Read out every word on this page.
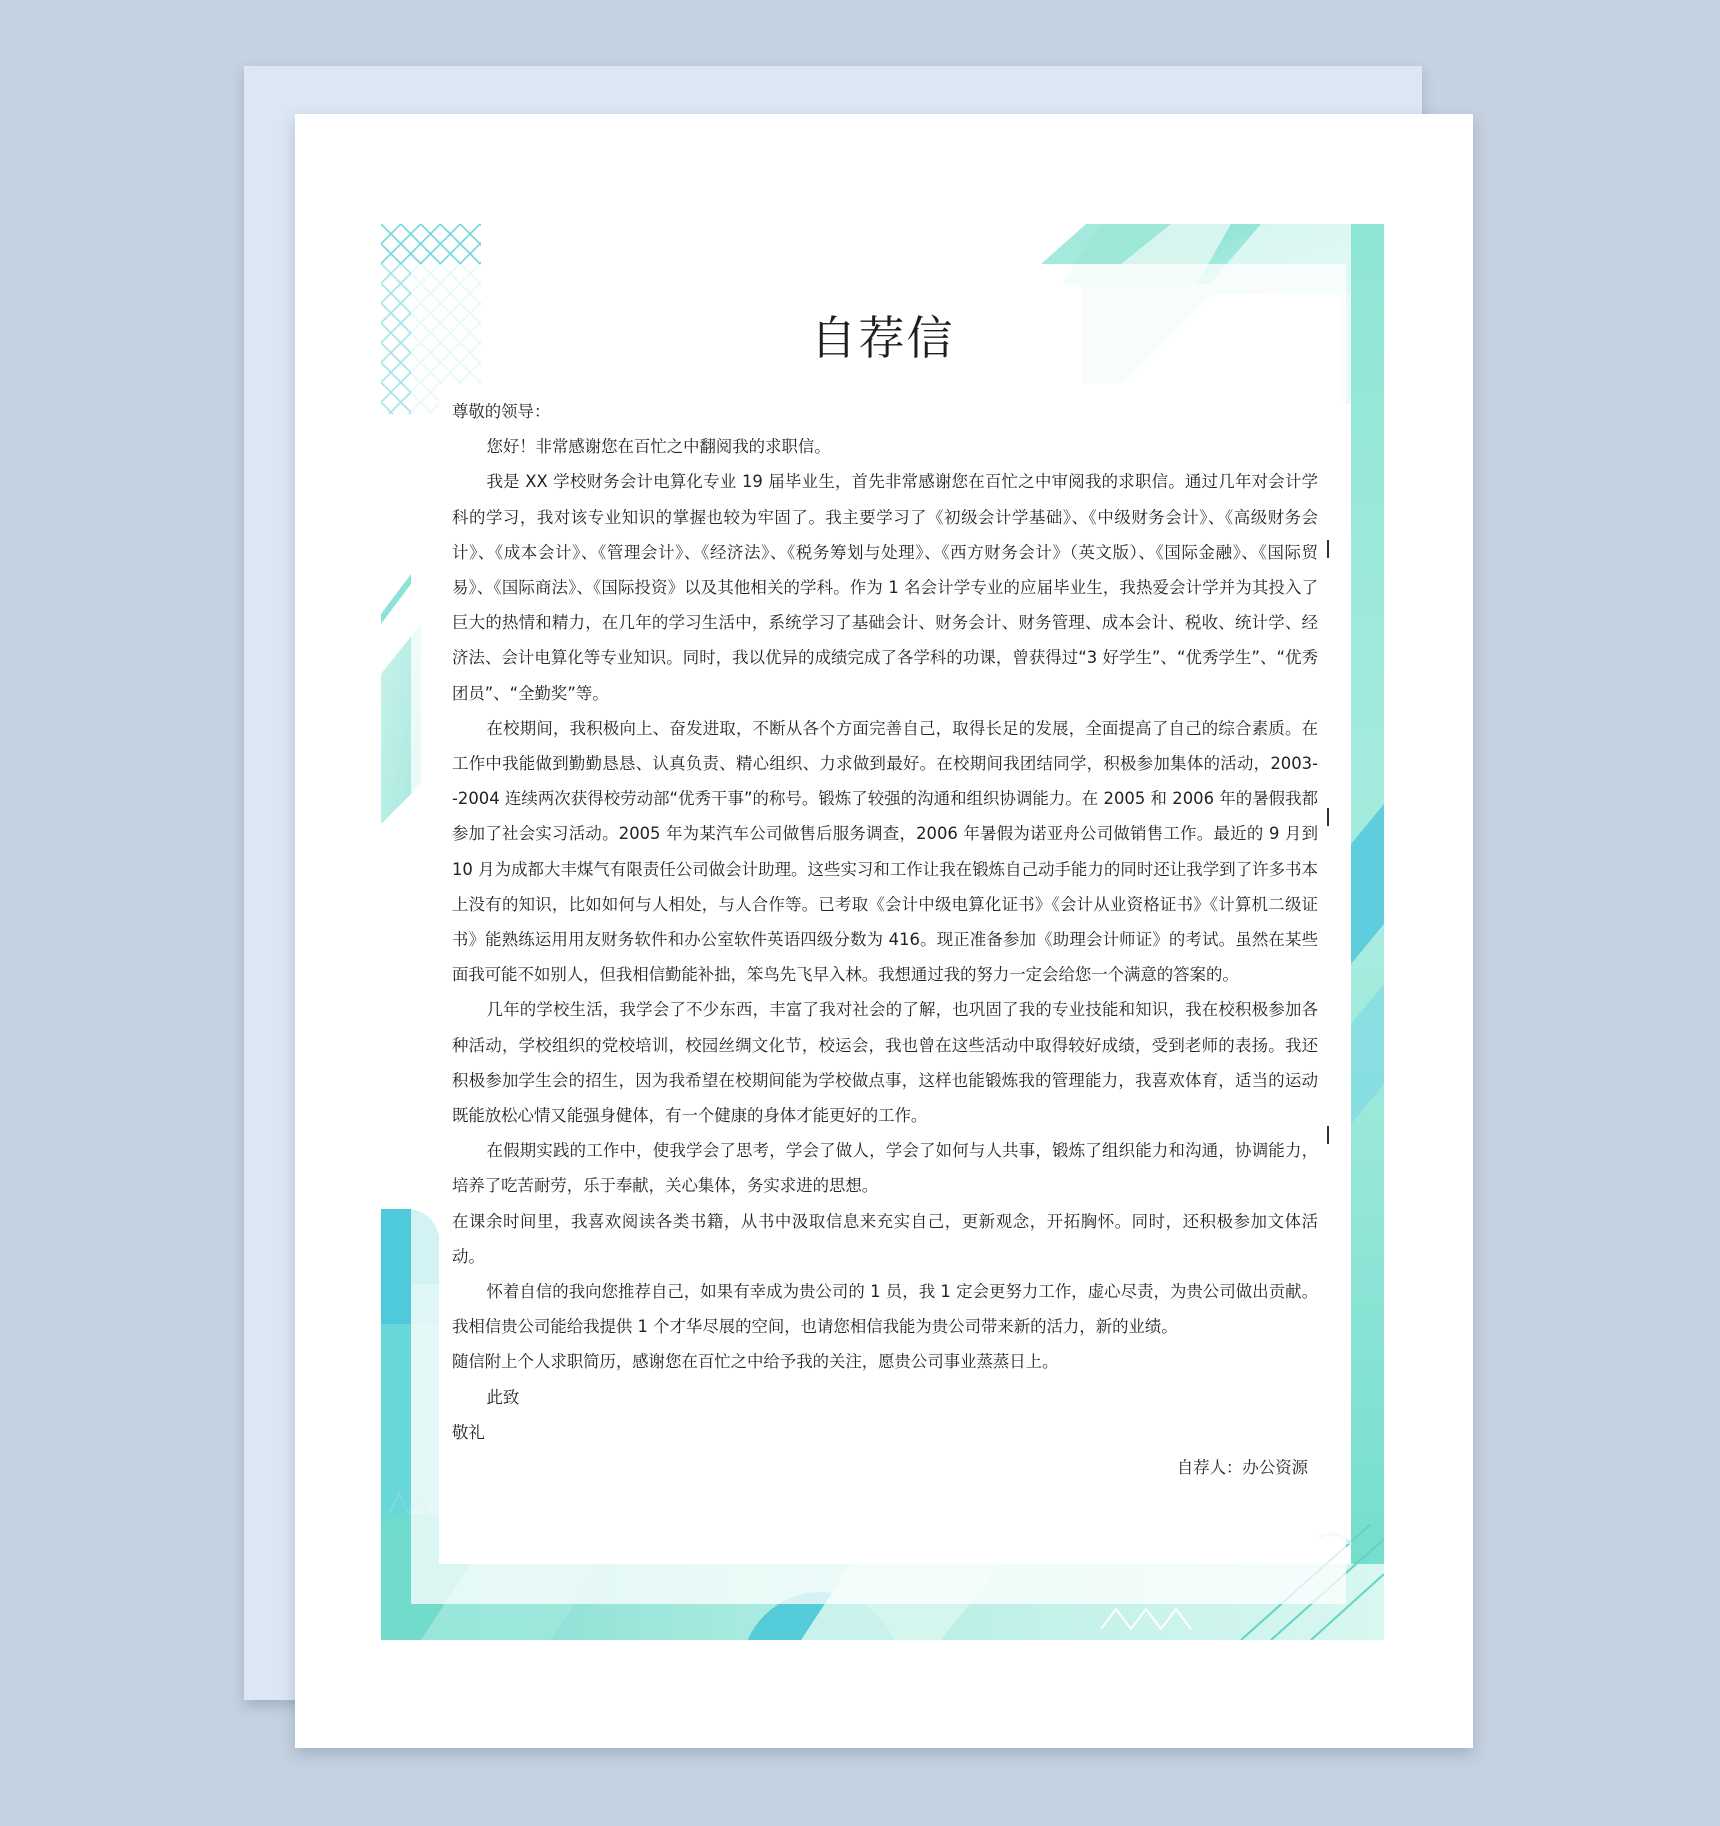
自荐信

尊敬的领导：

您好！非常感谢您在百忙之中翻阅我的求职信。

我是 XX 学校财务会计电算化专业 19 届毕业生，首先非常感谢您在百忙之中审阅我的求职信。通过几年对会计学科的学习，我对该专业知识的掌握也较为牢固了。我主要学习了《初级会计学基础》、《中级财务会计》、《高级财务会计》、《成本会计》、《管理会计》、《经济法》、《税务筹划与处理》、《西方财务会计》（英文版）、《国际金融》、《国际贸易》、《国际商法》、《国际投资》以及其他相关的学科。作为 1 名会计学专业的应届毕业生，我热爱会计学并为其投入了巨大的热情和精力，在几年的学习生活中，系统学习了基础会计、财务会计、财务管理、成本会计、税收、统计学、经济法、会计电算化等专业知识。同时，我以优异的成绩完成了各学科的功课，曾获得过“3 好学生”、“优秀学生”、“优秀团员”、“全勤奖”等。

在校期间，我积极向上、奋发进取，不断从各个方面完善自己，取得长足的发展，全面提高了自己的综合素质。在工作中我能做到勤勤恳恳、认真负责、精心组织、力求做到最好。在校期间我团结同学，积极参加集体的活动，2003--2004 连续两次获得校劳动部“优秀干事”的称号。锻炼了较强的沟通和组织协调能力。在 2005 和 2006 年的暑假我都参加了社会实习活动。2005 年为某汽车公司做售后服务调查，2006 年暑假为诺亚舟公司做销售工作。最近的 9 月到 10 月为成都大丰煤气有限责任公司做会计助理。这些实习和工作让我在锻炼自己动手能力的同时还让我学到了许多书本上没有的知识，比如如何与人相处，与人合作等。已考取《会计中级电算化证书》《会计从业资格证书》《计算机二级证书》能熟练运用用友财务软件和办公室软件英语四级分数为 416。现正准备参加《助理会计师证》的考试。虽然在某些面我可能不如别人，但我相信勤能补拙，笨鸟先飞早入林。我想通过我的努力一定会给您一个满意的答案的。

几年的学校生活，我学会了不少东西，丰富了我对社会的了解，也巩固了我的专业技能和知识，我在校积极参加各种活动，学校组织的党校培训，校园丝绸文化节，校运会，我也曾在这些活动中取得较好成绩，受到老师的表扬。我还积极参加学生会的招生，因为我希望在校期间能为学校做点事，这样也能锻炼我的管理能力，我喜欢体育，适当的运动既能放松心情又能强身健体，有一个健康的身体才能更好的工作。

在假期实践的工作中，使我学会了思考，学会了做人，学会了如何与人共事，锻炼了组织能力和沟通，协调能力，培养了吃苦耐劳，乐于奉献，关心集体，务实求进的思想。

在课余时间里，我喜欢阅读各类书籍，从书中汲取信息来充实自己，更新观念，开拓胸怀。同时，还积极参加文体活动。

怀着自信的我向您推荐自己，如果有幸成为贵公司的 1 员，我 1 定会更努力工作，虚心尽责，为贵公司做出贡献。我相信贵公司能给我提供 1 个才华尽展的空间，也请您相信我能为贵公司带来新的活力，新的业绩。

随信附上个人求职简历，感谢您在百忙之中给予我的关注，愿贵公司事业蒸蒸日上。

此致

敬礼

自荐人：办公资源
